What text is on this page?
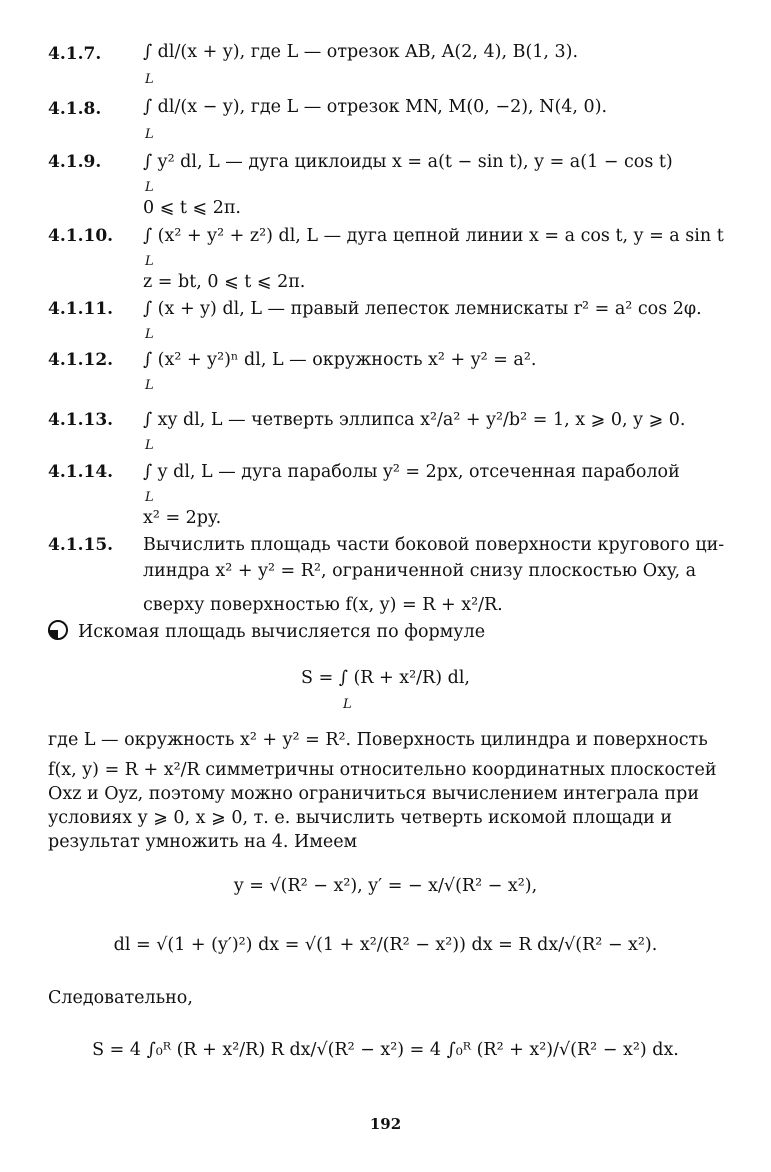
4.1.7. ∫ dl/(x + y), где L — отрезок AB, A(2, 4), B(1, 3).
L
4.1.8. ∫ dl/(x − y), где L — отрезок MN, M(0, −2), N(4, 0).
L
4.1.9. ∫ y² dl, L — дуга циклоиды x = a(t − sin t), y = a(1 − cos t)
L
0 ⩽ t ⩽ 2π.
4.1.10. ∫ (x² + y² + z²) dl, L — дуга цепной линии x = a cos t, y = a sin t
L
z = bt, 0 ⩽ t ⩽ 2π.
4.1.11. ∫ (x + y) dl, L — правый лепесток лемнискаты r² = a² cos 2φ.
L
4.1.12. ∫ (x² + y²)ⁿ dl, L — окружность x² + y² = a².
L
4.1.13. ∫ xy dl, L — четверть эллипса x²/a² + y²/b² = 1, x ⩾ 0, y ⩾ 0.
L
4.1.14. ∫ y dl, L — дуга параболы y² = 2px, отсеченная параболой
L
x² = 2py.
4.1.15. Вычислить площадь части боковой поверхности кругового ци-
линдра x² + y² = R², ограниченной снизу плоскостью Oxy, а
сверху поверхностью f(x, y) = R + x²/R.
Искомая площадь вычисляется по формуле
S = ∫ (R + x²/R) dl,
L
где L — окружность x² + y² = R². Поверхность цилиндра и поверхность
f(x, y) = R + x²/R симметричны относительно координатных плоскостей
Oxz и Oyz, поэтому можно ограничиться вычислением интеграла при
условиях y ⩾ 0, x ⩾ 0, т. е. вычислить четверть искомой площади и
результат умножить на 4. Имеем
y = √(R² − x²), y′ = − x/√(R² − x²),
dl = √(1 + (y′)²) dx = √(1 + x²/(R² − x²)) dx = R dx/√(R² − x²).
Следовательно,
S = 4 ∫₀ᴿ (R + x²/R) R dx/√(R² − x²) = 4 ∫₀ᴿ (R² + x²)/√(R² − x²) dx.
192
